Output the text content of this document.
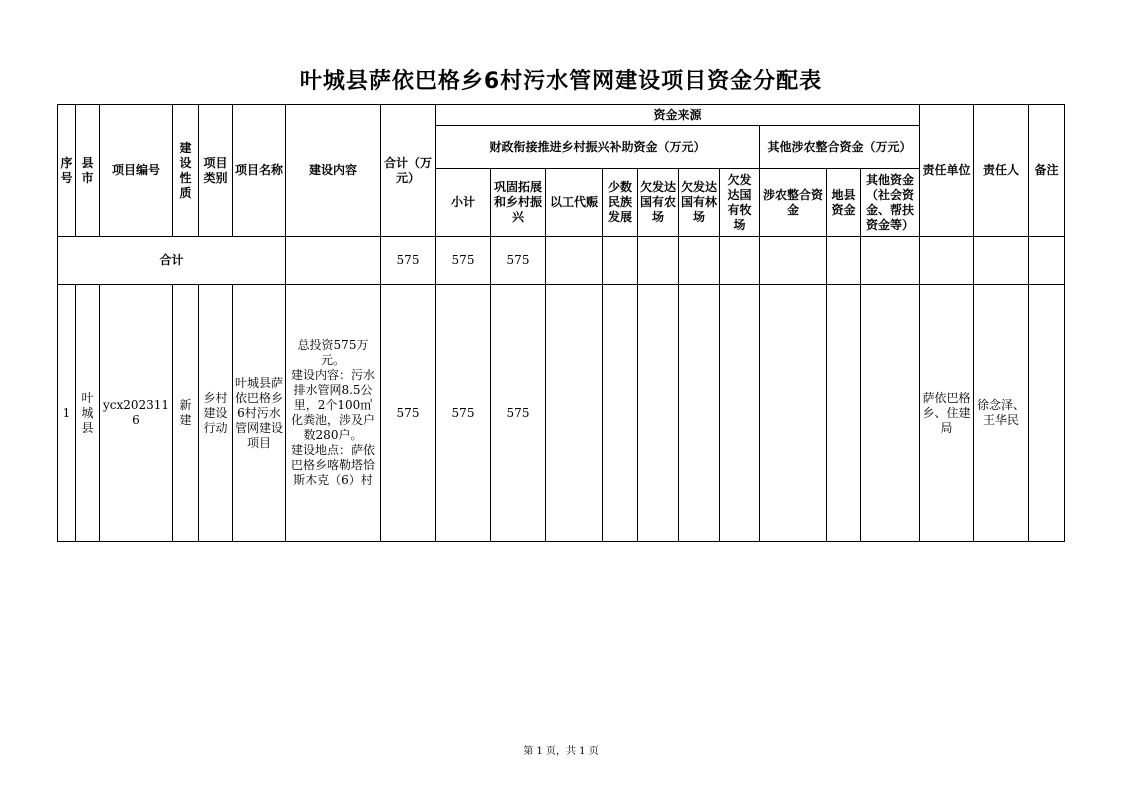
叶城县萨依巴格乡6村污水管网建设项目资金分配表
序号	县市	项目编号	建设性质	项目类别	项目名称	建设内容	合计（万元）	资金来源										责任单位	责任人	备注
								财政衔接推进乡村振兴补助资金（万元）							其他涉农整合资金（万元）					
								小计	巩固拓展和乡村振兴	以工代赈	少数民族发展	欠发达国有农场	欠发达国有林场	欠发达国有牧场	涉农整合资金	地县资金	其他资金（社会资金、帮扶资金等）			
合计							575	575	575											
1	叶城县	ycx2023116	新建	乡村建设行动	叶城县萨依巴格乡6村污水管网建设项目	总投资575万元。
建设内容：污水排水管网8.5公里，2个100㎥化粪池，涉及户数280户。
建设地点：萨依巴格乡喀勒塔恰斯木克（6）村	575	575	575									萨依巴格乡、住建局	徐念泽、王华民	
第 1 页，共 1 页
